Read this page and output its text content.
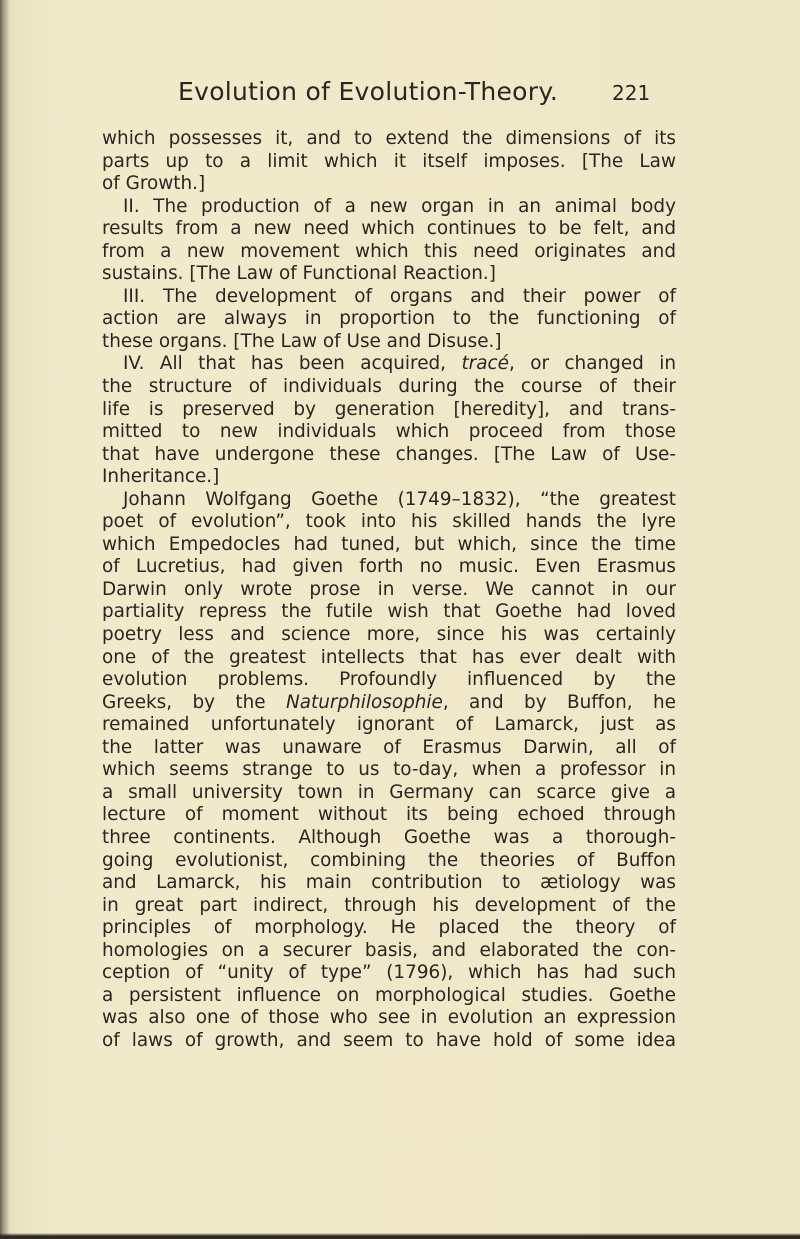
Evolution of Evolution-Theory.	221
which possesses it, and to extend the dimensions of its
parts up to a limit which it itself imposes. [The Law
of Growth.]
II. The production of a new organ in an animal body
results from a new need which continues to be felt, and
from a new movement which this need originates and
sustains. [The Law of Functional Reaction.]
III. The development of organs and their power of
action are always in proportion to the functioning of
these organs. [The Law of Use and Disuse.]
IV. All that has been acquired, tracé, or changed in
the structure of individuals during the course of their
life is preserved by generation [heredity], and trans-
mitted to new individuals which proceed from those
that have undergone these changes. [The Law of Use-
Inheritance.]
Johann Wolfgang Goethe (1749–1832), “the greatest
poet of evolution”, took into his skilled hands the lyre
which Empedocles had tuned, but which, since the time
of Lucretius, had given forth no music. Even Erasmus
Darwin only wrote prose in verse. We cannot in our
partiality repress the futile wish that Goethe had loved
poetry less and science more, since his was certainly
one of the greatest intellects that has ever dealt with
evolution problems. Profoundly influenced by the
Greeks, by the Naturphilosophie, and by Buffon, he
remained unfortunately ignorant of Lamarck, just as
the latter was unaware of Erasmus Darwin, all of
which seems strange to us to-day, when a professor in
a small university town in Germany can scarce give a
lecture of moment without its being echoed through
three continents. Although Goethe was a thorough-
going evolutionist, combining the theories of Buffon
and Lamarck, his main contribution to ætiology was
in great part indirect, through his development of the
principles of morphology. He placed the theory of
homologies on a securer basis, and elaborated the con-
ception of “unity of type” (1796), which has had such
a persistent influence on morphological studies. Goethe
was also one of those who see in evolution an expression
of laws of growth, and seem to have hold of some idea
